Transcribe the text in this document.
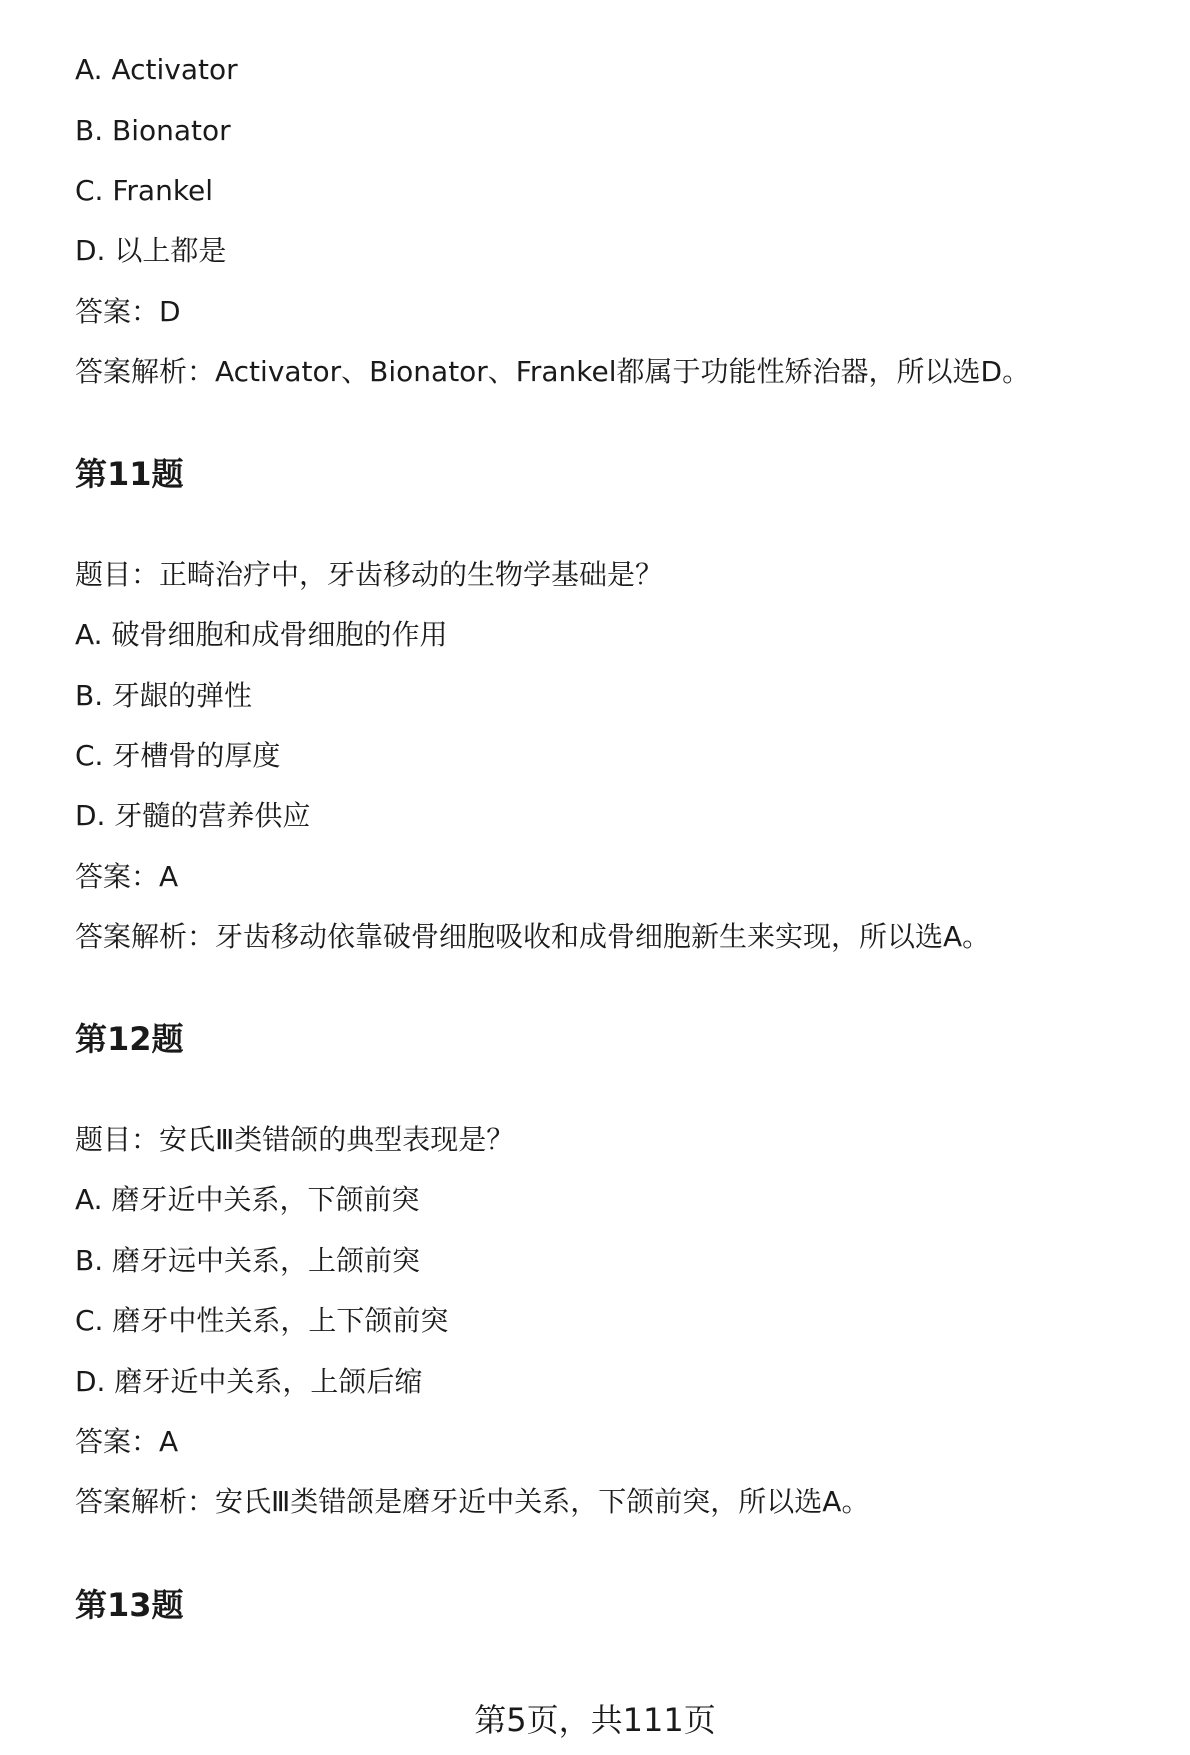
A. Activator
B. Bionator
C. Frankel
D. 以上都是
答案：D
答案解析：Activator、Bionator、Frankel都属于功能性矫治器，所以选D。
第11题
题目：正畸治疗中，牙齿移动的生物学基础是？
A. 破骨细胞和成骨细胞的作用
B. 牙龈的弹性
C. 牙槽骨的厚度
D. 牙髓的营养供应
答案：A
答案解析：牙齿移动依靠破骨细胞吸收和成骨细胞新生来实现，所以选A。
第12题
题目：安氏Ⅲ类错颌的典型表现是？
A. 磨牙近中关系，下颌前突
B. 磨牙远中关系，上颌前突
C. 磨牙中性关系，上下颌前突
D. 磨牙近中关系，上颌后缩
答案：A
答案解析：安氏Ⅲ类错颌是磨牙近中关系，下颌前突，所以选A。
第13题
第5页，共111页
